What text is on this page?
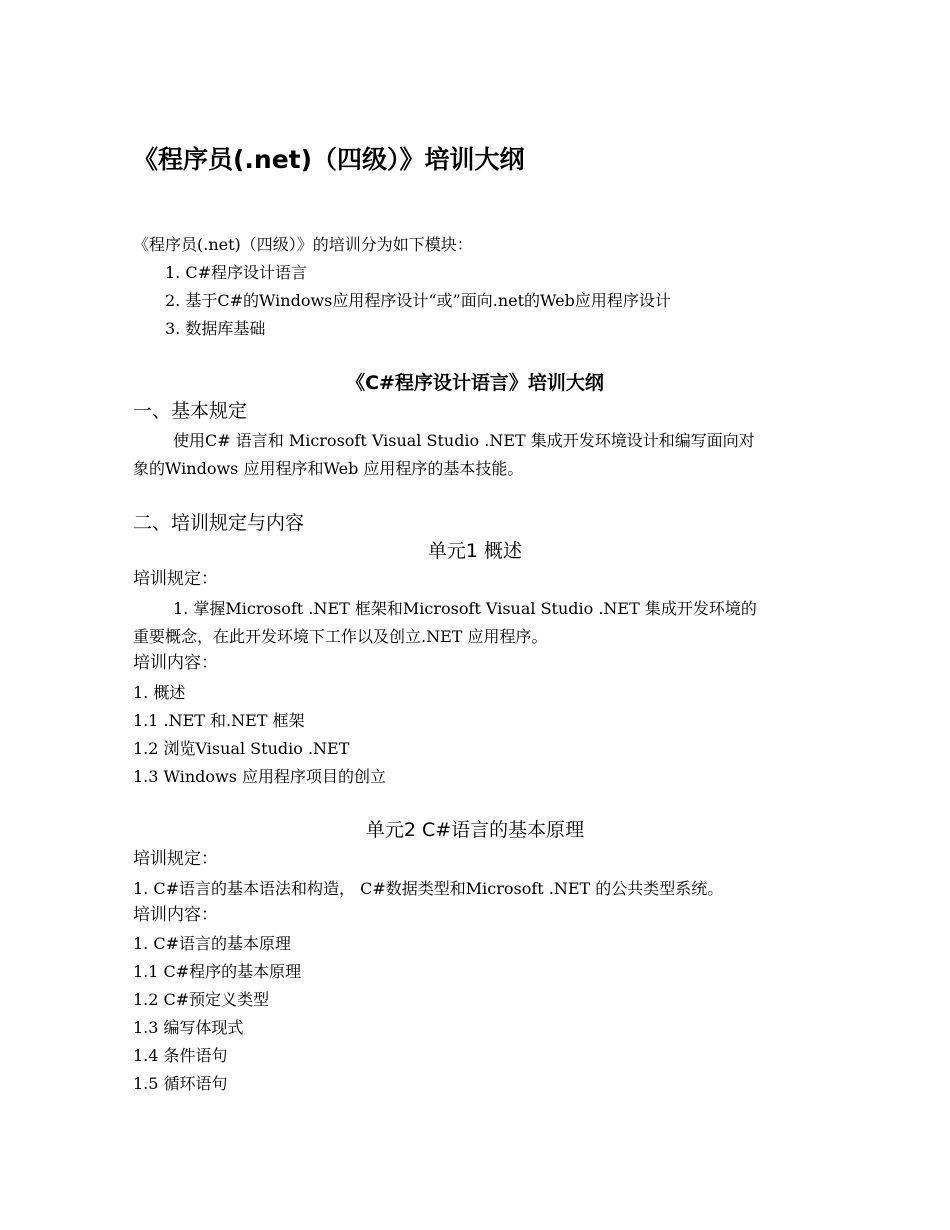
《程序员(.net)（四级）》培训大纲
《程序员(.net)（四级）》的培训分为如下模块：
1. C#程序设计语言
2. 基于C#的Windows应用程序设计“或”面向.net的Web应用程序设计
3. 数据库基础
《C#程序设计语言》培训大纲
一、基本规定
使用C# 语言和 Microsoft Visual Studio .NET 集成开发环境设计和编写面向对
象的Windows 应用程序和Web 应用程序的基本技能。
二、培训规定与内容
单元1 概述
培训规定：
1. 掌握Microsoft .NET 框架和Microsoft Visual Studio .NET 集成开发环境的
重要概念，在此开发环境下工作以及创立.NET 应用程序。
培训内容：
1. 概述
1.1 .NET 和.NET 框架
1.2 浏览Visual Studio .NET
1.3 Windows 应用程序项目的创立
单元2 C#语言的基本原理
培训规定：
1. C#语言的基本语法和构造， C#数据类型和Microsoft .NET 的公共类型系统。
培训内容：
1. C#语言的基本原理
1.1 C#程序的基本原理
1.2 C#预定义类型
1.3 编写体现式
1.4 条件语句
1.5 循环语句
